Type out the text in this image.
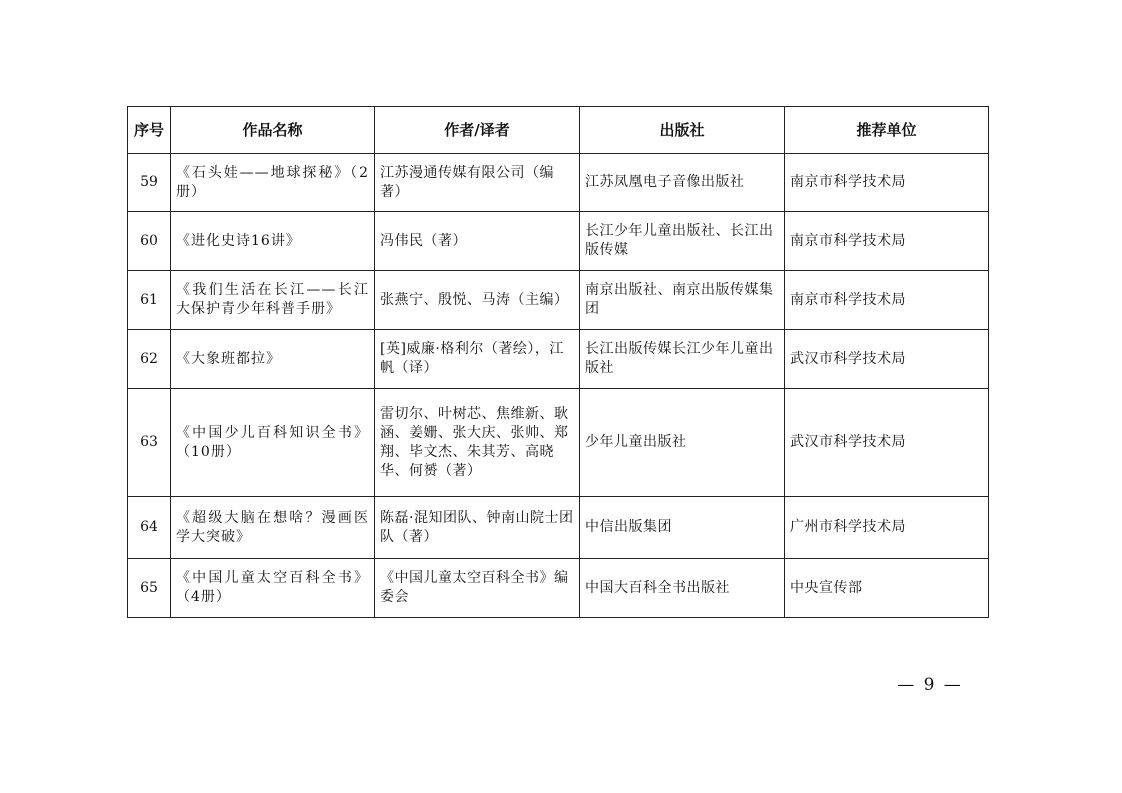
序号	作品名称	作者/译者	出版社	推荐单位
59	《石头娃——地球探秘》（2册）	江苏漫通传媒有限公司（编著）	江苏凤凰电子音像出版社	南京市科学技术局
60	《进化史诗16讲》	冯伟民（著）	长江少年儿童出版社、长江出版传媒	南京市科学技术局
61	《我们生活在长江——长江大保护青少年科普手册》	张燕宁、殷悦、马涛（主编）	南京出版社、南京出版传媒集团	南京市科学技术局
62	《大象班都拉》	[英]威廉·格利尔（著绘），江帆（译）	长江出版传媒长江少年儿童出版社	武汉市科学技术局
63	《中国少儿百科知识全书》（10册）	雷切尔、叶树芯、焦维新、耿涵、姜姗、张大庆、张帅、郑翔、毕文杰、朱其芳、高晓华、何赟（著）	少年儿童出版社	武汉市科学技术局
64	《超级大脑在想啥？漫画医学大突破》	陈磊·混知团队、钟南山院士团队（著）	中信出版集团	广州市科学技术局
65	《中国儿童太空百科全书》（4册）	《中国儿童太空百科全书》编委会	中国大百科全书出版社	中央宣传部
— 9 —
